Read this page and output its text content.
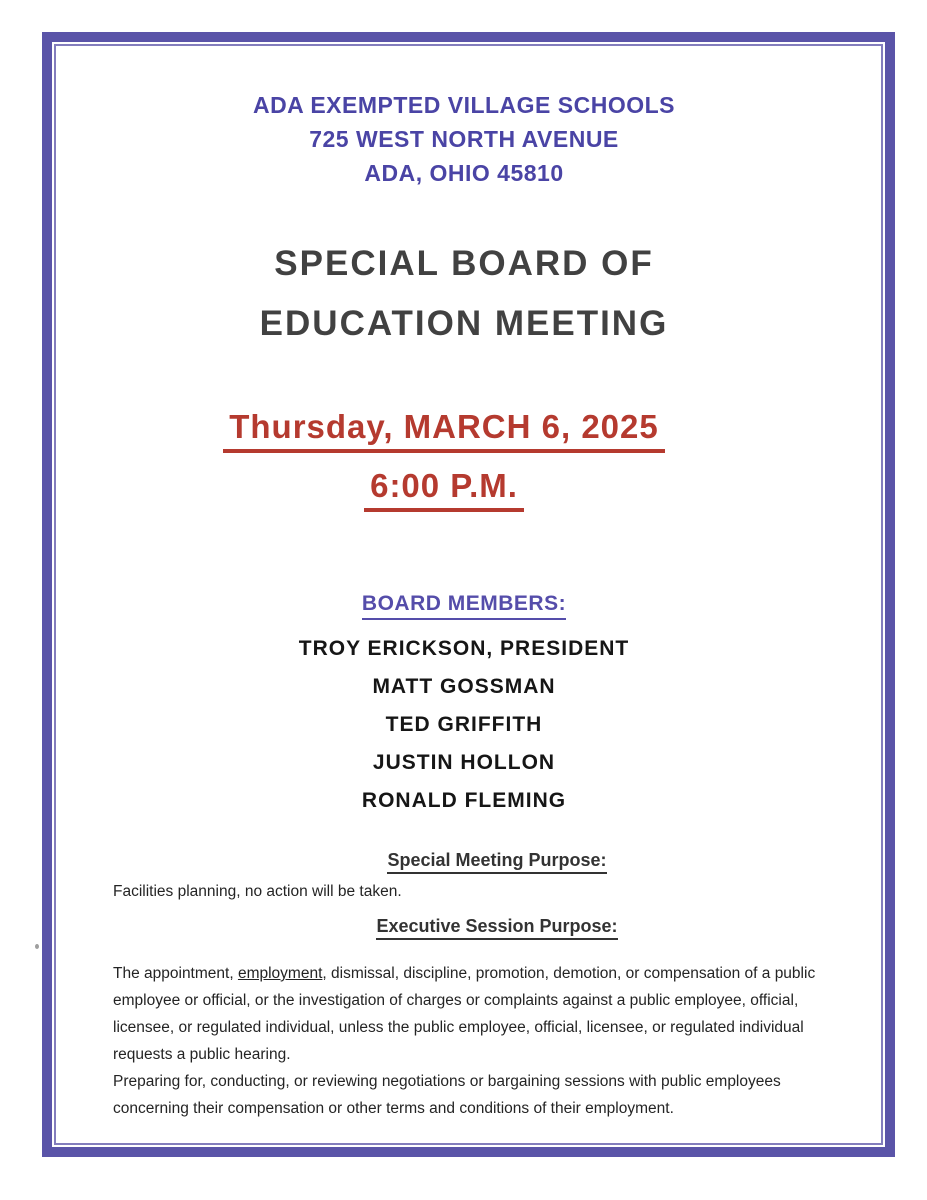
ADA EXEMPTED VILLAGE SCHOOLS
725 WEST NORTH AVENUE
ADA, OHIO 45810
SPECIAL BOARD OF
EDUCATION MEETING
Thursday, MARCH 6, 2025
6:00 P.M.
BOARD MEMBERS:
TROY ERICKSON, PRESIDENT
MATT GOSSMAN
TED GRIFFITH
JUSTIN HOLLON
RONALD FLEMING
Special Meeting Purpose:
Facilities planning, no action will be taken.
Executive Session Purpose:
The appointment, employment, dismissal, discipline, promotion, demotion, or compensation of a public employee or official, or the investigation of charges or complaints against a public employee, official, licensee, or regulated individual, unless the public employee, official, licensee, or regulated individual requests a public hearing.
Preparing for, conducting, or reviewing negotiations or bargaining sessions with public employees concerning their compensation or other terms and conditions of their employment.
